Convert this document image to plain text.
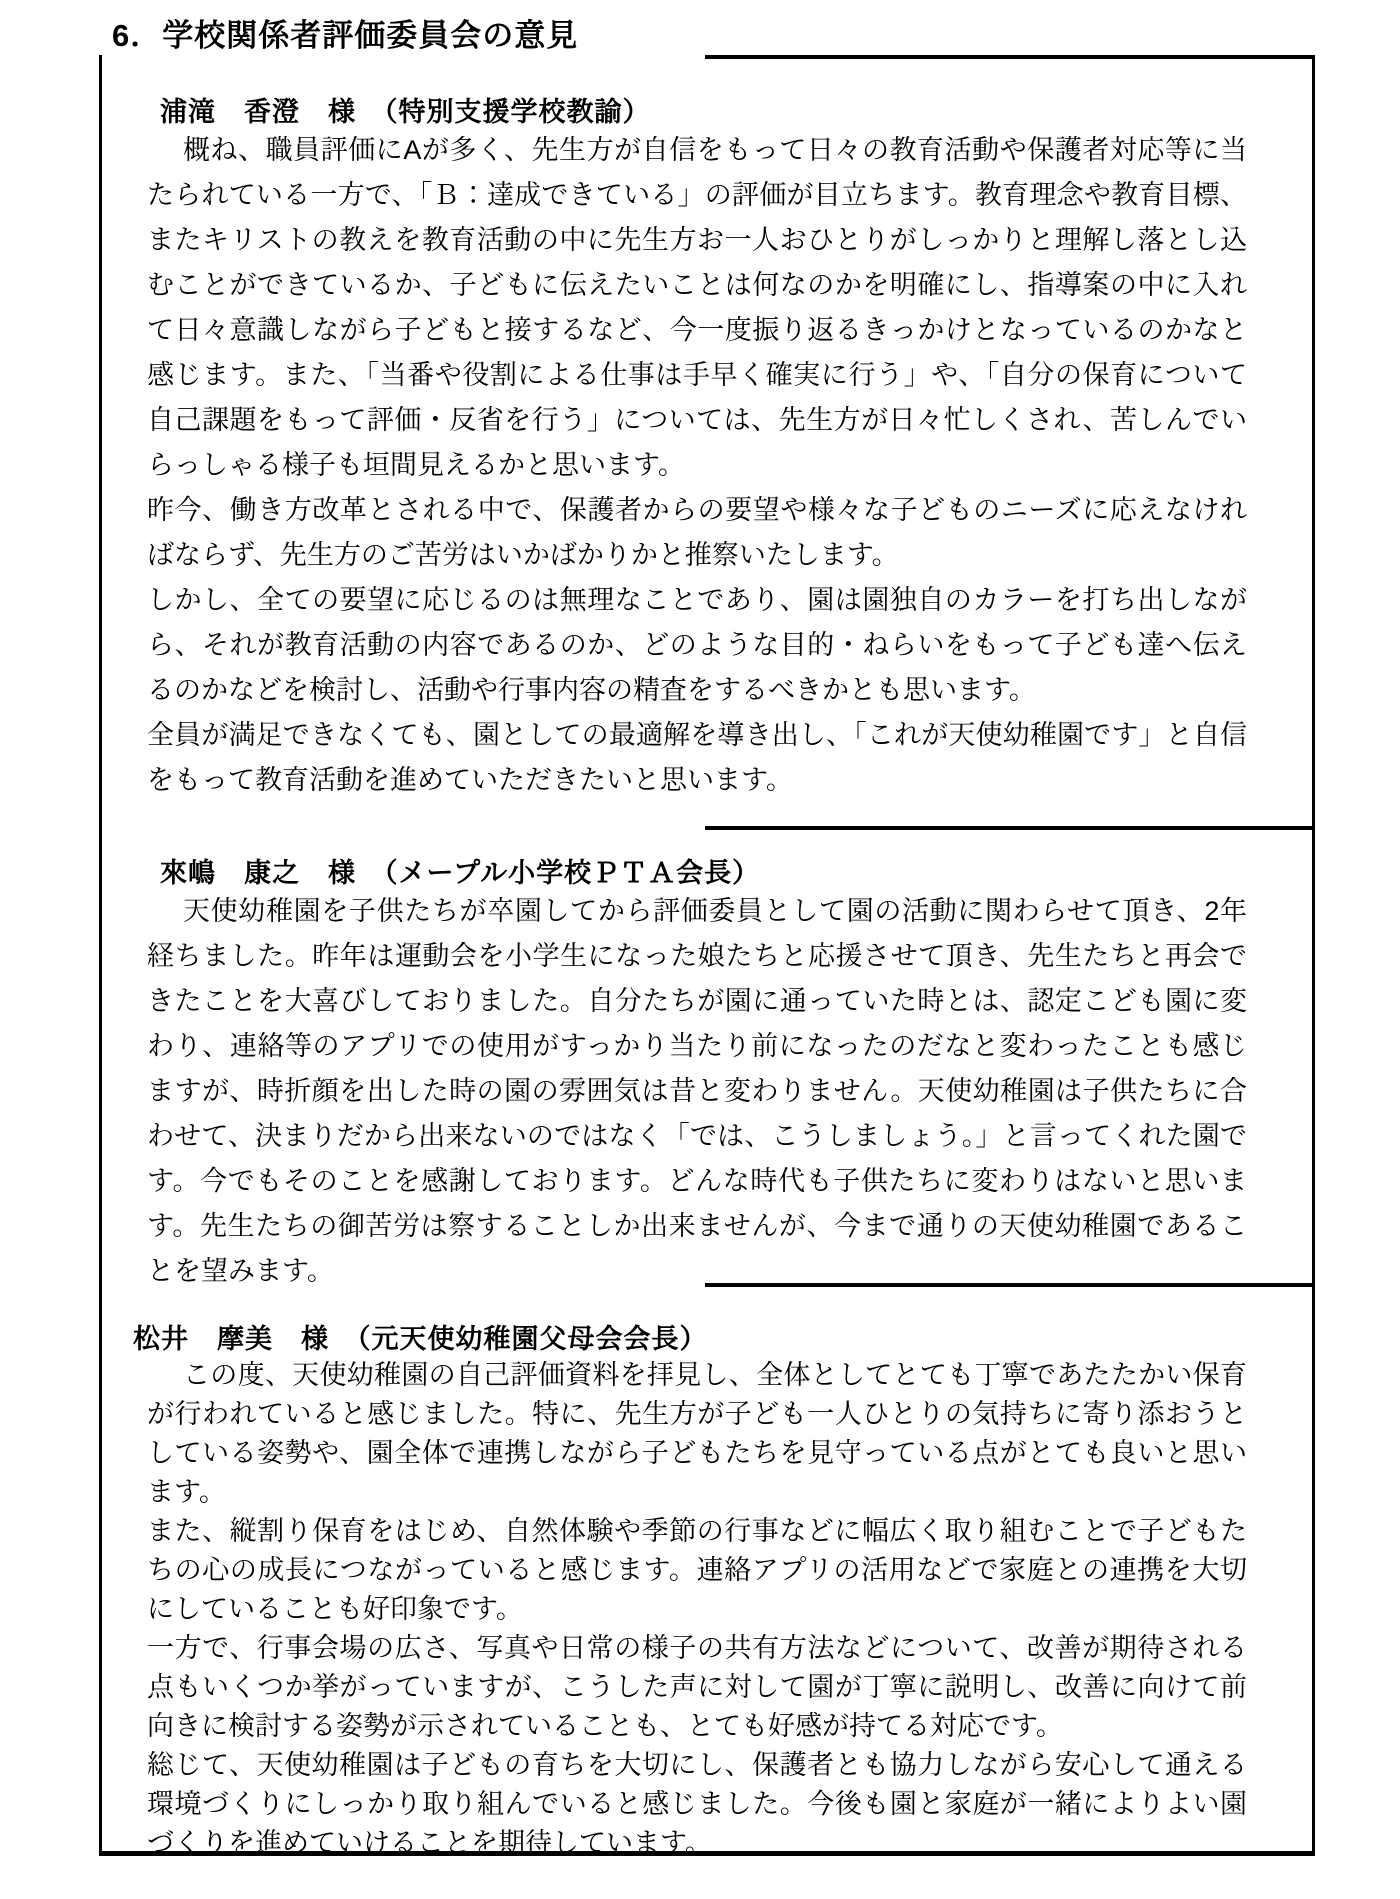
6．学校関係者評価委員会の意見
浦滝　香澄　様　（特別支援学校教諭）

概ね、職員評価にAが多く、先生方が自信をもって日々の教育活動や保護者対応等に当たられている一方で、「Ｂ：達成できている」の評価が目立ちます。教育理念や教育目標、またキリストの教えを教育活動の中に先生方お一人おひとりがしっかりと理解し落とし込むことができているか、子どもに伝えたいことは何なのかを明確にし、指導案の中に入れて日々意識しながら子どもと接するなど、今一度振り返るきっかけとなっているのかなと感じます。また、「当番や役割による仕事は手早く確実に行う」や、「自分の保育について自己課題をもって評価・反省を行う」については、先生方が日々忙しくされ、苦しんでいらっしゃる様子も垣間見えるかと思います。

昨今、働き方改革とされる中で、保護者からの要望や様々な子どものニーズに応えなければならず、先生方のご苦労はいかばかりかと推察いたします。

しかし、全ての要望に応じるのは無理なことであり、園は園独自のカラーを打ち出しながら、それが教育活動の内容であるのか、どのような目的・ねらいをもって子ども達へ伝えるのかなどを検討し、活動や行事内容の精査をするべきかとも思います。

全員が満足できなくても、園としての最適解を導き出し、「これが天使幼稚園です」と自信をもって教育活動を進めていただきたいと思います。

來嶋　康之　様　（メープル小学校ＰＴＡ会長）

天使幼稚園を子供たちが卒園してから評価委員として園の活動に関わらせて頂き、2年経ちました。昨年は運動会を小学生になった娘たちと応援させて頂き、先生たちと再会できたことを大喜びしておりました。自分たちが園に通っていた時とは、認定こども園に変わり、連絡等のアプリでの使用がすっかり当たり前になったのだなと変わったことも感じますが、時折顔を出した時の園の雰囲気は昔と変わりません。天使幼稚園は子供たちに合わせて、決まりだから出来ないのではなく「では、こうしましょう。」と言ってくれた園です。今でもそのことを感謝しております。どんな時代も子供たちに変わりはないと思います。先生たちの御苦労は察することしか出来ませんが、今まで通りの天使幼稚園であることを望みます。

松井　摩美　様　（元天使幼稚園父母会会長）

この度、天使幼稚園の自己評価資料を拝見し、全体としてとても丁寧であたたかい保育が行われていると感じました。特に、先生方が子ども一人ひとりの気持ちに寄り添おうとしている姿勢や、園全体で連携しながら子どもたちを見守っている点がとても良いと思います。

また、縦割り保育をはじめ、自然体験や季節の行事などに幅広く取り組むことで子どもたちの心の成長につながっていると感じます。連絡アプリの活用などで家庭との連携を大切にしていることも好印象です。

一方で、行事会場の広さ、写真や日常の様子の共有方法などについて、改善が期待される点もいくつか挙がっていますが、こうした声に対して園が丁寧に説明し、改善に向けて前向きに検討する姿勢が示されていることも、とても好感が持てる対応です。

総じて、天使幼稚園は子どもの育ちを大切にし、保護者とも協力しながら安心して通える環境づくりにしっかり取り組んでいると感じました。今後も園と家庭が一緒によりよい園づくりを進めていけることを期待しています。
